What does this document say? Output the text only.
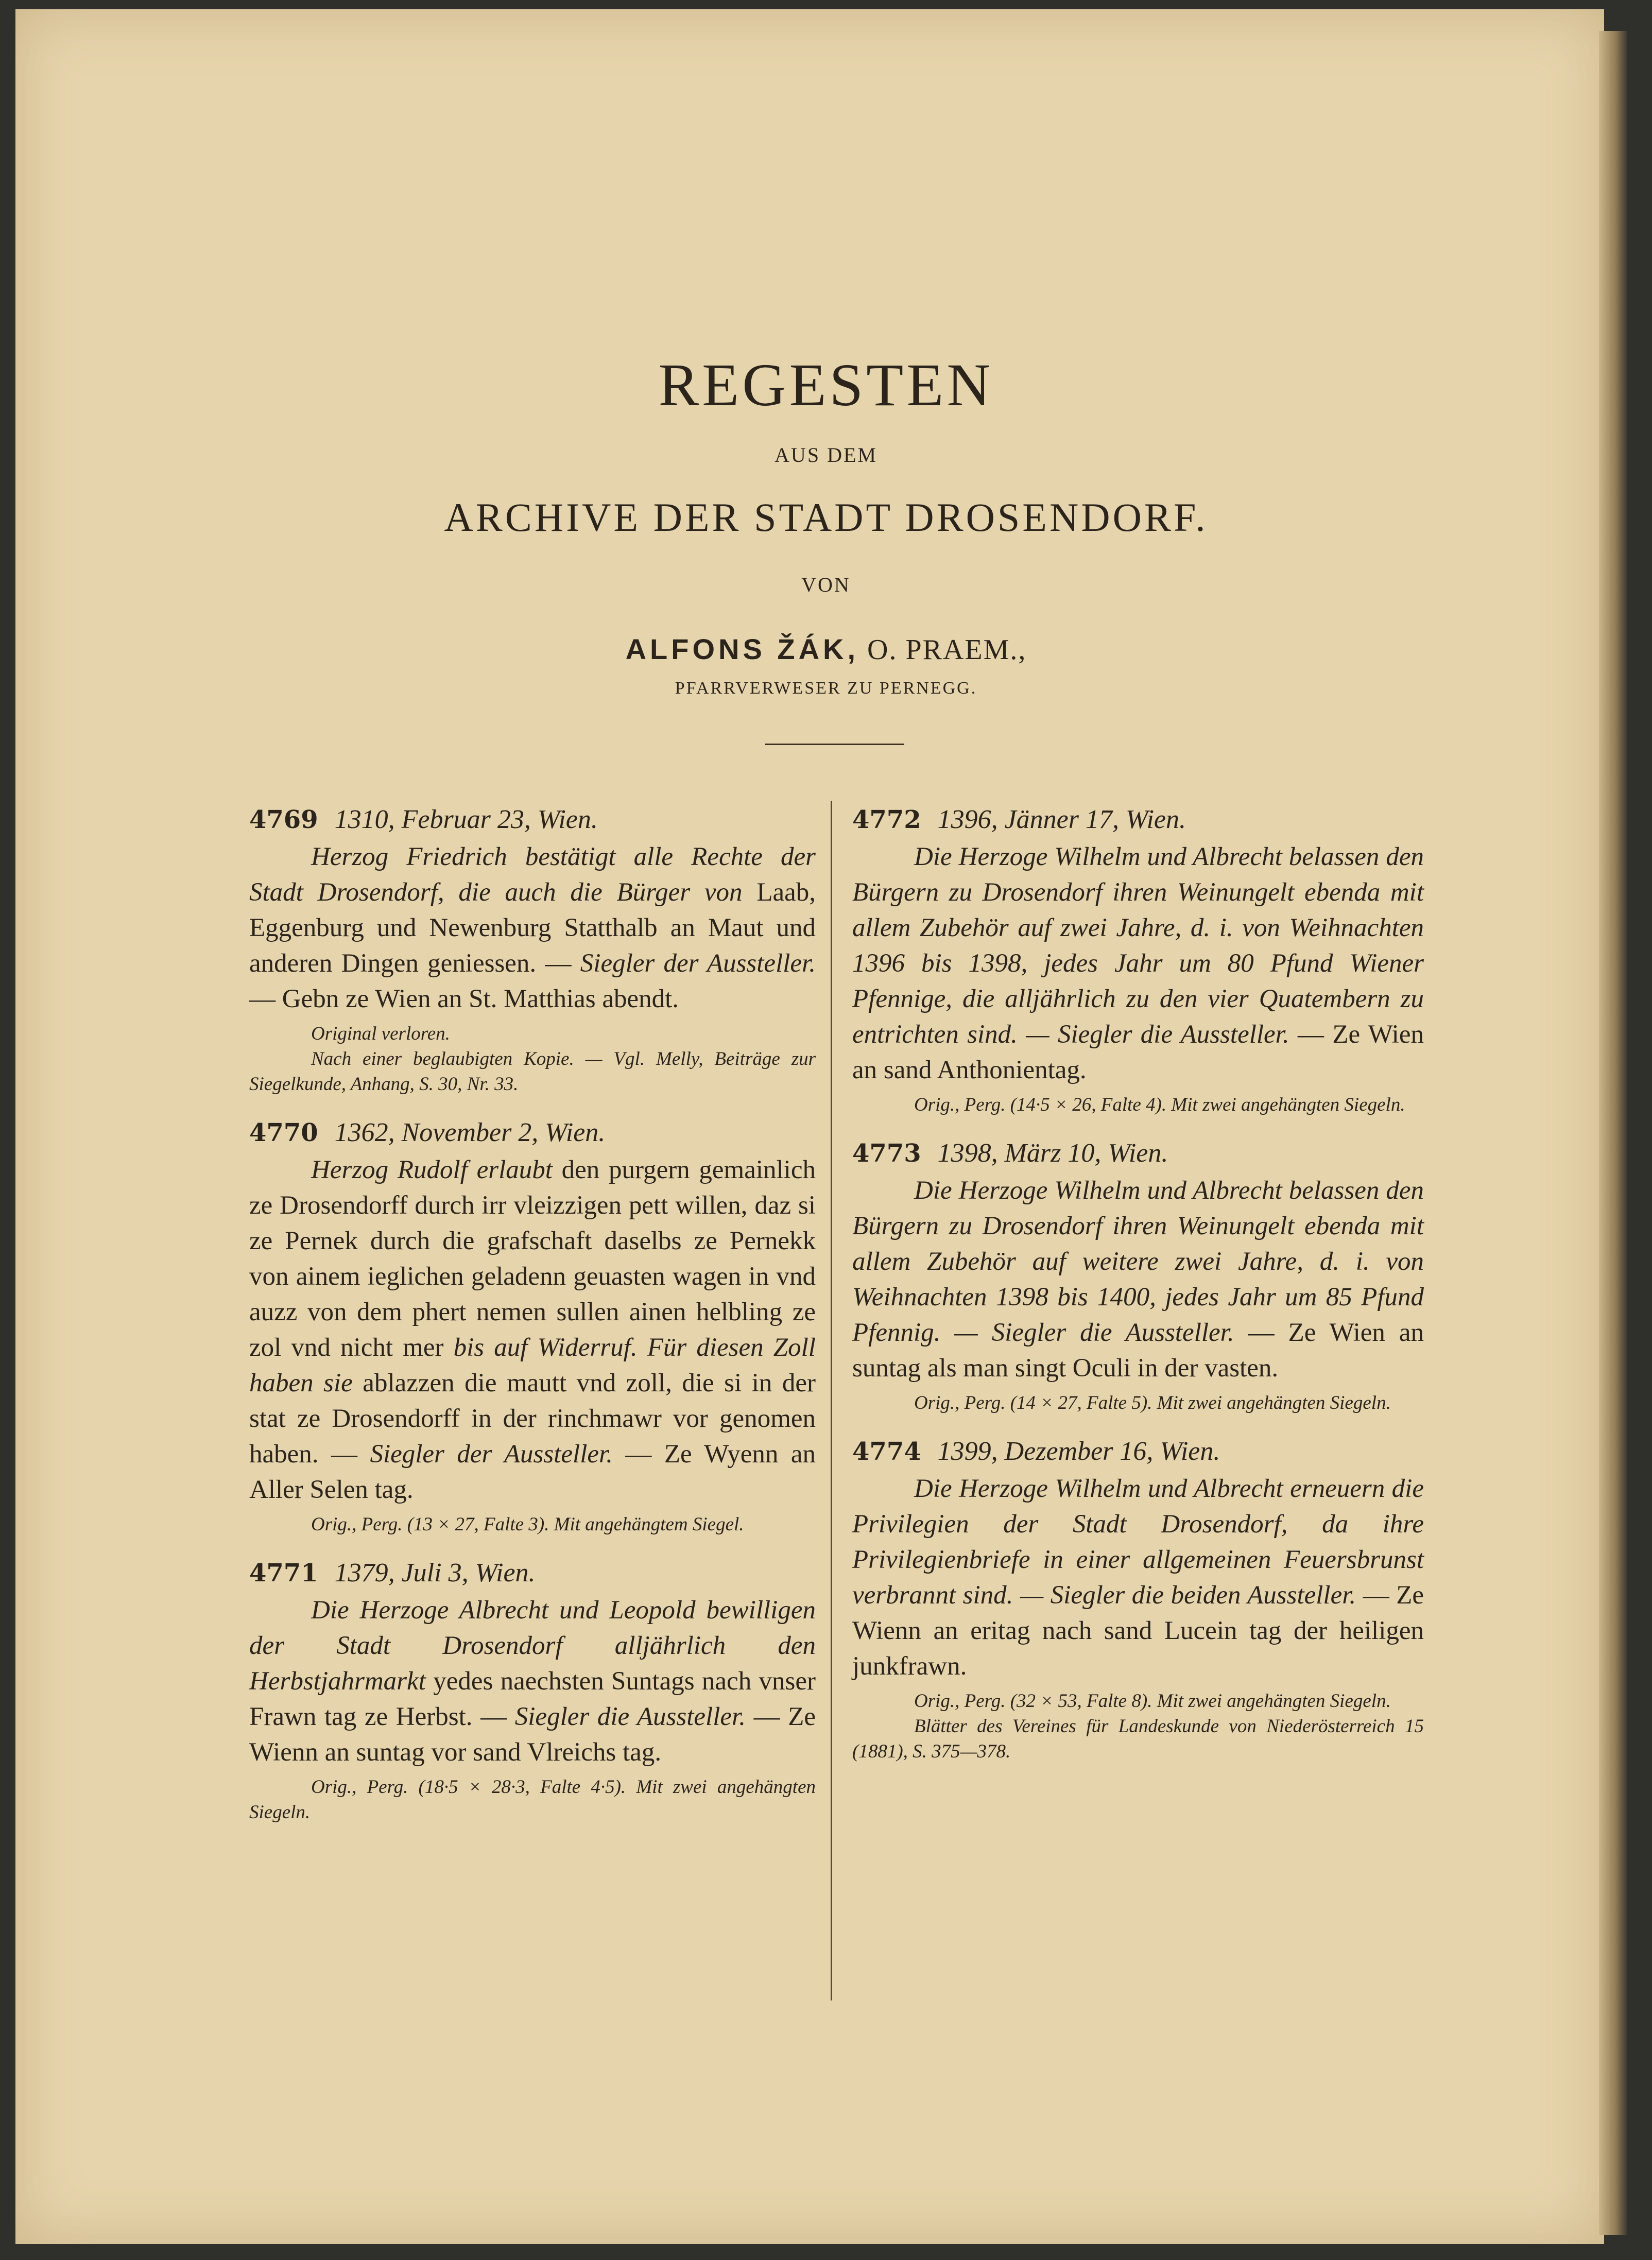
REGESTEN
AUS DEM
ARCHIVE DER STADT DROSENDORF.
VON
ALFONS ŽÁK, O. PRAEM.,
PFARRVERWESER ZU PERNEGG.
4769 1310, Februar 23, Wien.
Herzog Friedrich bestätigt alle Rechte der Stadt Drosendorf, die auch die Bürger von Laab, Eggenburg und Newenburg Statthalb an Maut und anderen Dingen geniessen. — Siegler der Aussteller. — Gebn ze Wien an St. Matthias abendt.
Original verloren.
Nach einer beglaubigten Kopie. — Vgl. Melly, Beiträge zur Siegelkunde, Anhang, S. 30, Nr. 33.
4770 1362, November 2, Wien.
Herzog Rudolf erlaubt den purgern gemainlich ze Drosendorff durch irr vleizzigen pett willen, daz si ze Pernek durch die grafschaft daselbs ze Pernekk von ainem ieglichen geladenn geuasten wagen in vnd auzz von dem phert nemen sullen ainen helbling ze zol vnd nicht mer bis auf Widerruf. Für diesen Zoll haben sie ablazzen die mautt vnd zoll, die si in der stat ze Drosendorff in der rinchmawr vor genomen haben. — Siegler der Aussteller. — Ze Wyenn an Aller Selen tag.
Orig., Perg. (13 × 27, Falte 3). Mit angehängtem Siegel.
4771 1379, Juli 3, Wien.
Die Herzoge Albrecht und Leopold bewilligen der Stadt Drosendorf alljährlich den Herbstjahrmarkt yedes naechsten Suntags nach vnser Frawn tag ze Herbst. — Siegler die Aussteller. — Ze Wienn an suntag vor sand Vlreichs tag.
Orig., Perg. (18·5 × 28·3, Falte 4·5). Mit zwei angehängten Siegeln.
4772 1396, Jänner 17, Wien.
Die Herzoge Wilhelm und Albrecht belassen den Bürgern zu Drosendorf ihren Weinungelt ebenda mit allem Zubehör auf zwei Jahre, d. i. von Weihnachten 1396 bis 1398, jedes Jahr um 80 Pfund Wiener Pfennige, die alljährlich zu den vier Quatembern zu entrichten sind. — Siegler die Aussteller. — Ze Wien an sand Anthonientag.
Orig., Perg. (14·5 × 26, Falte 4). Mit zwei angehängten Siegeln.
4773 1398, März 10, Wien.
Die Herzoge Wilhelm und Albrecht belassen den Bürgern zu Drosendorf ihren Weinungelt ebenda mit allem Zubehör auf weitere zwei Jahre, d. i. von Weihnachten 1398 bis 1400, jedes Jahr um 85 Pfund Pfennig. — Siegler die Aussteller. — Ze Wien an suntag als man singt Oculi in der vasten.
Orig., Perg. (14 × 27, Falte 5). Mit zwei angehängten Siegeln.
4774 1399, Dezember 16, Wien.
Die Herzoge Wilhelm und Albrecht erneuern die Privilegien der Stadt Drosendorf, da ihre Privilegienbriefe in einer allgemeinen Feuersbrunst verbrannt sind. — Siegler die beiden Aussteller. — Ze Wienn an eritag nach sand Lucein tag der heiligen junkfrawn.
Orig., Perg. (32 × 53, Falte 8). Mit zwei angehängten Siegeln.
Blätter des Vereines für Landeskunde von Niederösterreich 15 (1881), S. 375—378.
